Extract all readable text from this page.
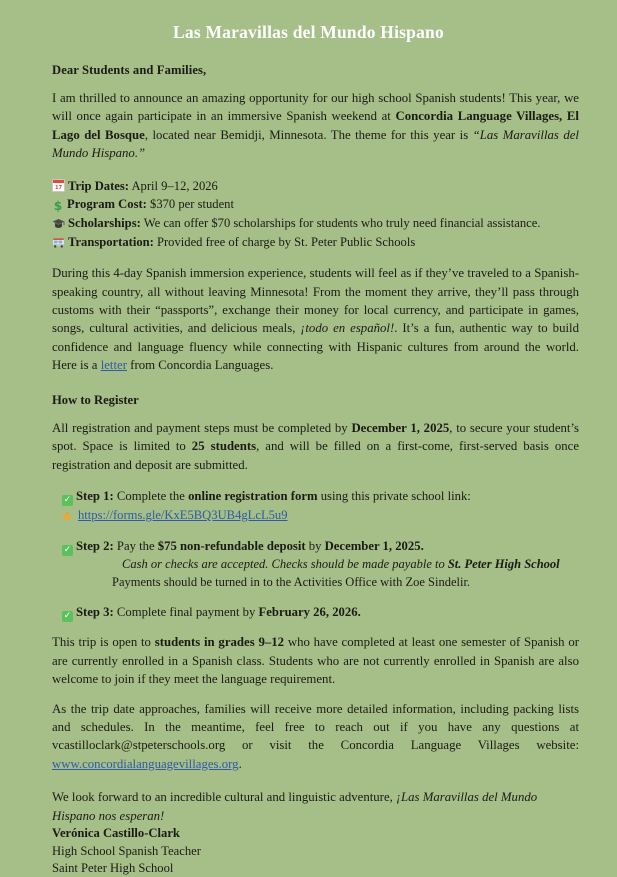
Las Maravillas del Mundo Hispano
Dear Students and Families,

I am thrilled to announce an amazing opportunity for our high school Spanish students! This year, we will once again participate in an immersive Spanish weekend at Concordia Language Villages, El Lago del Bosque, located near Bemidji, Minnesota. The theme for this year is “Las Maravillas del Mundo Hispano.”

17Trip Dates: April 9–12, 2026
$ Program Cost: $370 per student
Scholarships: We can offer $70 scholarships for students who truly need financial assistance.
Transportation: Provided free of charge by St. Peter Public Schools

During this 4-day Spanish immersion experience, students will feel as if they’ve traveled to a Spanish-speaking country, all without leaving Minnesota! From the moment they arrive, they’ll pass through customs with their “passports”, exchange their money for local currency, and participate in games, songs, cultural activities, and delicious meals, ¡todo en español!. It’s a fun, authentic way to build confidence and language fluency while connecting with Hispanic cultures from around the world. Here is a letter from Concordia Languages.

How to Register

All registration and payment steps must be completed by December 1, 2025, to secure your student’s spot. Space is limited to 25 students, and will be filled on a first-come, first-served basis once registration and deposit are submitted.

✓ Step 1: Complete the online registration form using this private school link:
https://forms.gle/KxE5BQ3UB4gLcL5u9
✓ Step 2: Pay the $75 non-refundable deposit by December 1, 2025.
Cash or checks are accepted. Checks should be made payable to St. Peter High School
Payments should be turned in to the Activities Office with Zoe Sindelir.
✓ Step 3: Complete final payment by February 26, 2026.

This trip is open to students in grades 9–12 who have completed at least one semester of Spanish or are currently enrolled in a Spanish class. Students who are not currently enrolled in Spanish are also welcome to join if they meet the language requirement.

As the trip date approaches, families will receive more detailed information, including packing lists and schedules. In the meantime, feel free to reach out if you have any questions at vcastilloclark@stpeterschools.org or visit the Concordia Language Villages website: www.concordialanguagevillages.org.

We look forward to an incredible cultural and linguistic adventure, ¡Las Maravillas del Mundo Hispano nos esperan!
Verónica Castillo-Clark
High School Spanish Teacher
Saint Peter High School
